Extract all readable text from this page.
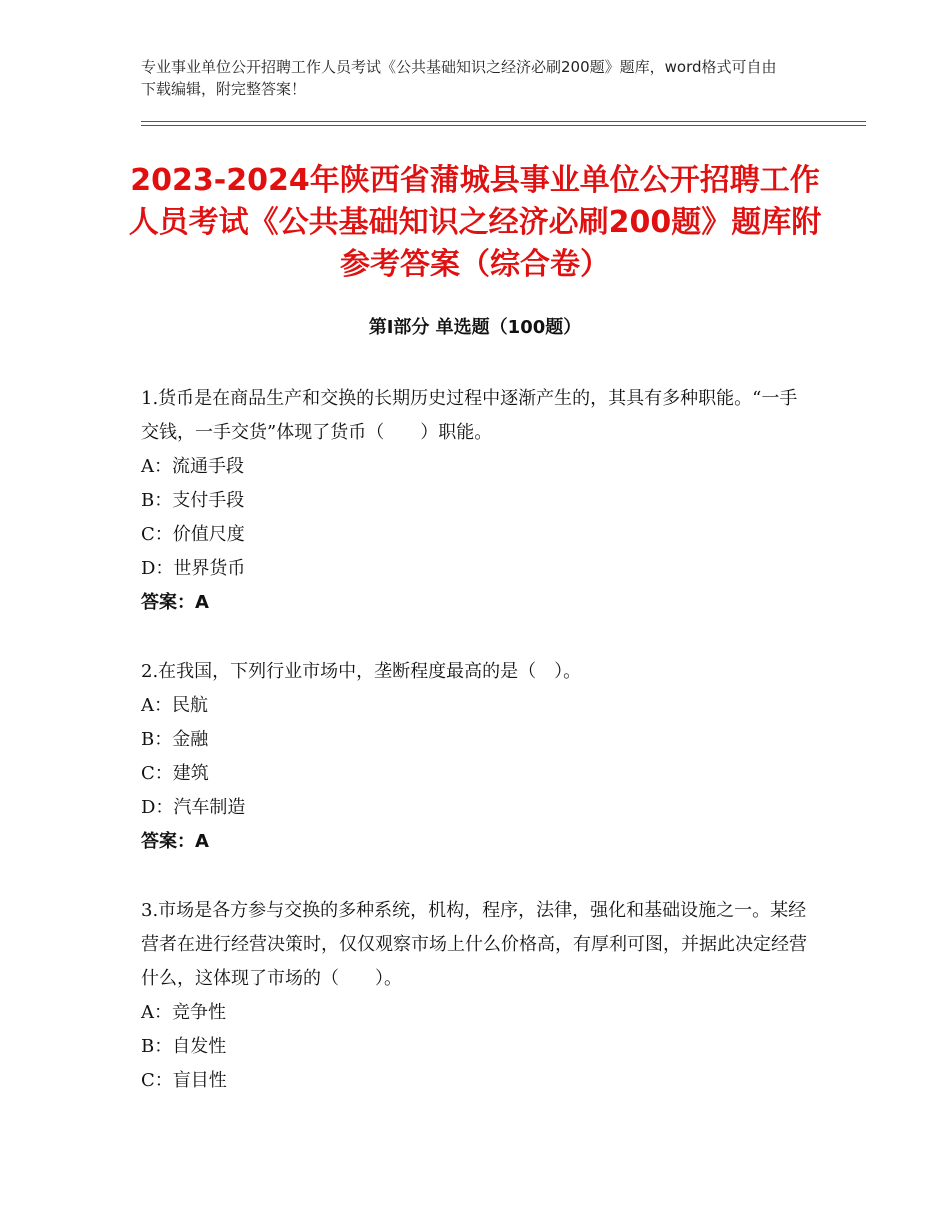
专业事业单位公开招聘工作人员考试《公共基础知识之经济必刷200题》题库，word格式可自由下载编辑，附完整答案！

2023-2024年陕西省蒲城县事业单位公开招聘工作人员考试《公共基础知识之经济必刷200题》题库附参考答案（综合卷）
第Ⅰ部分 单选题（100题）

1.货币是在商品生产和交换的长期历史过程中逐渐产生的，其具有多种职能。“一手交钱，一手交货”体现了货币（　　）职能。

A：流通手段

B：支付手段

C：价值尺度

D：世界货币

答案：A

2.在我国，下列行业市场中，垄断程度最高的是（　）。

A：民航

B：金融

C：建筑

D：汽车制造

答案：A

3.市场是各方参与交换的多种系统，机构，程序，法律，强化和基础设施之一。某经营者在进行经营决策时，仅仅观察市场上什么价格高，有厚利可图，并据此决定经营什么，这体现了市场的（　　）。

A：竞争性

B：自发性

C：盲目性
